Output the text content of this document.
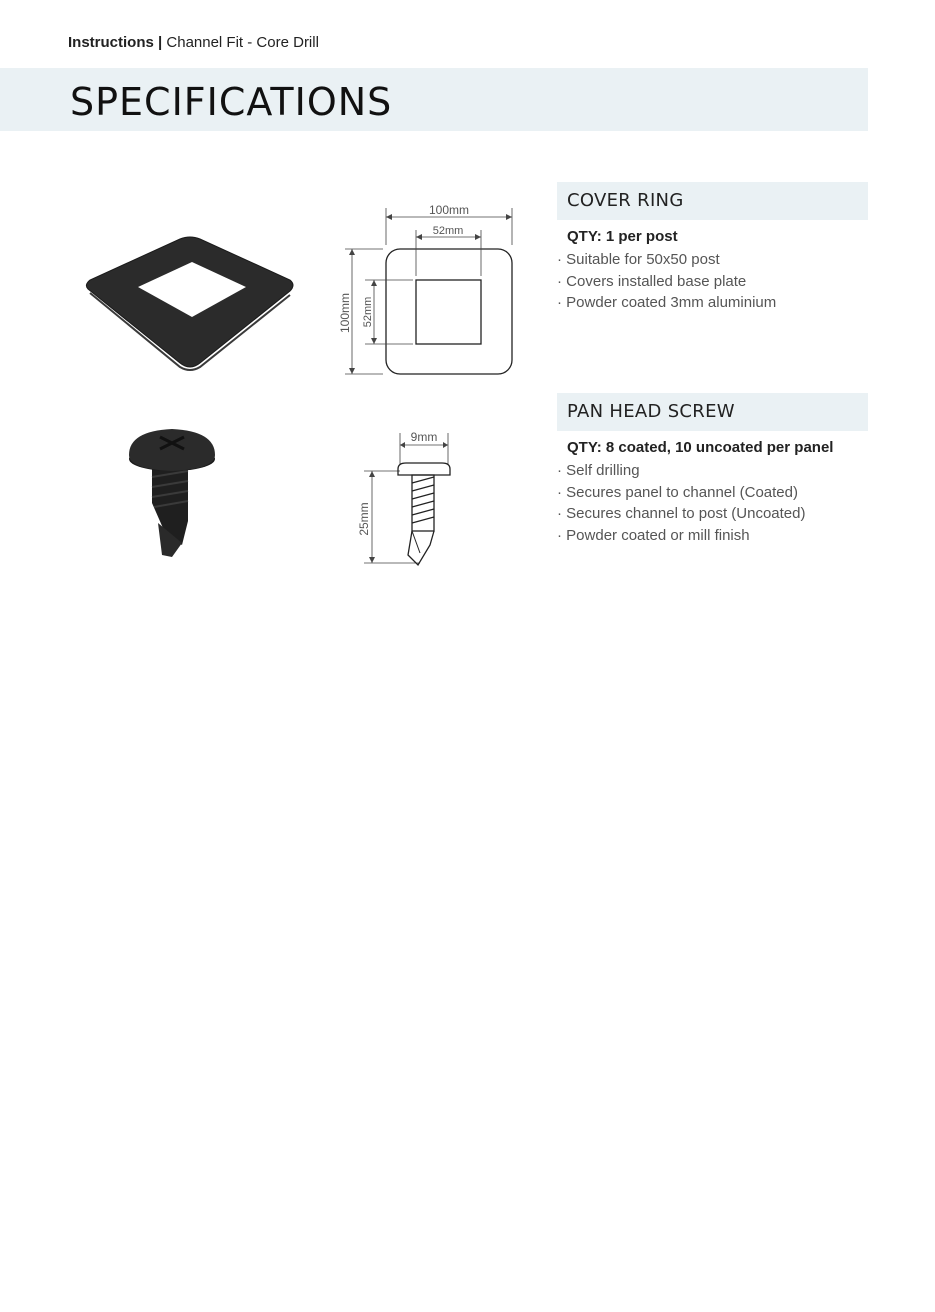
Instructions | Channel Fit - Core Drill
SPECIFICATIONS
100mm
52mm
100mm 52mm
9mm
25mm
COVER RING
QTY: 1 per post
· Suitable for 50x50 post
· Covers installed base plate
· Powder coated 3mm aluminium
PAN HEAD SCREW
QTY: 8 coated, 10 uncoated per panel
· Self drilling
· Secures panel to channel (Coated)
· Secures channel to post (Uncoated)
· Powder coated or mill finish
